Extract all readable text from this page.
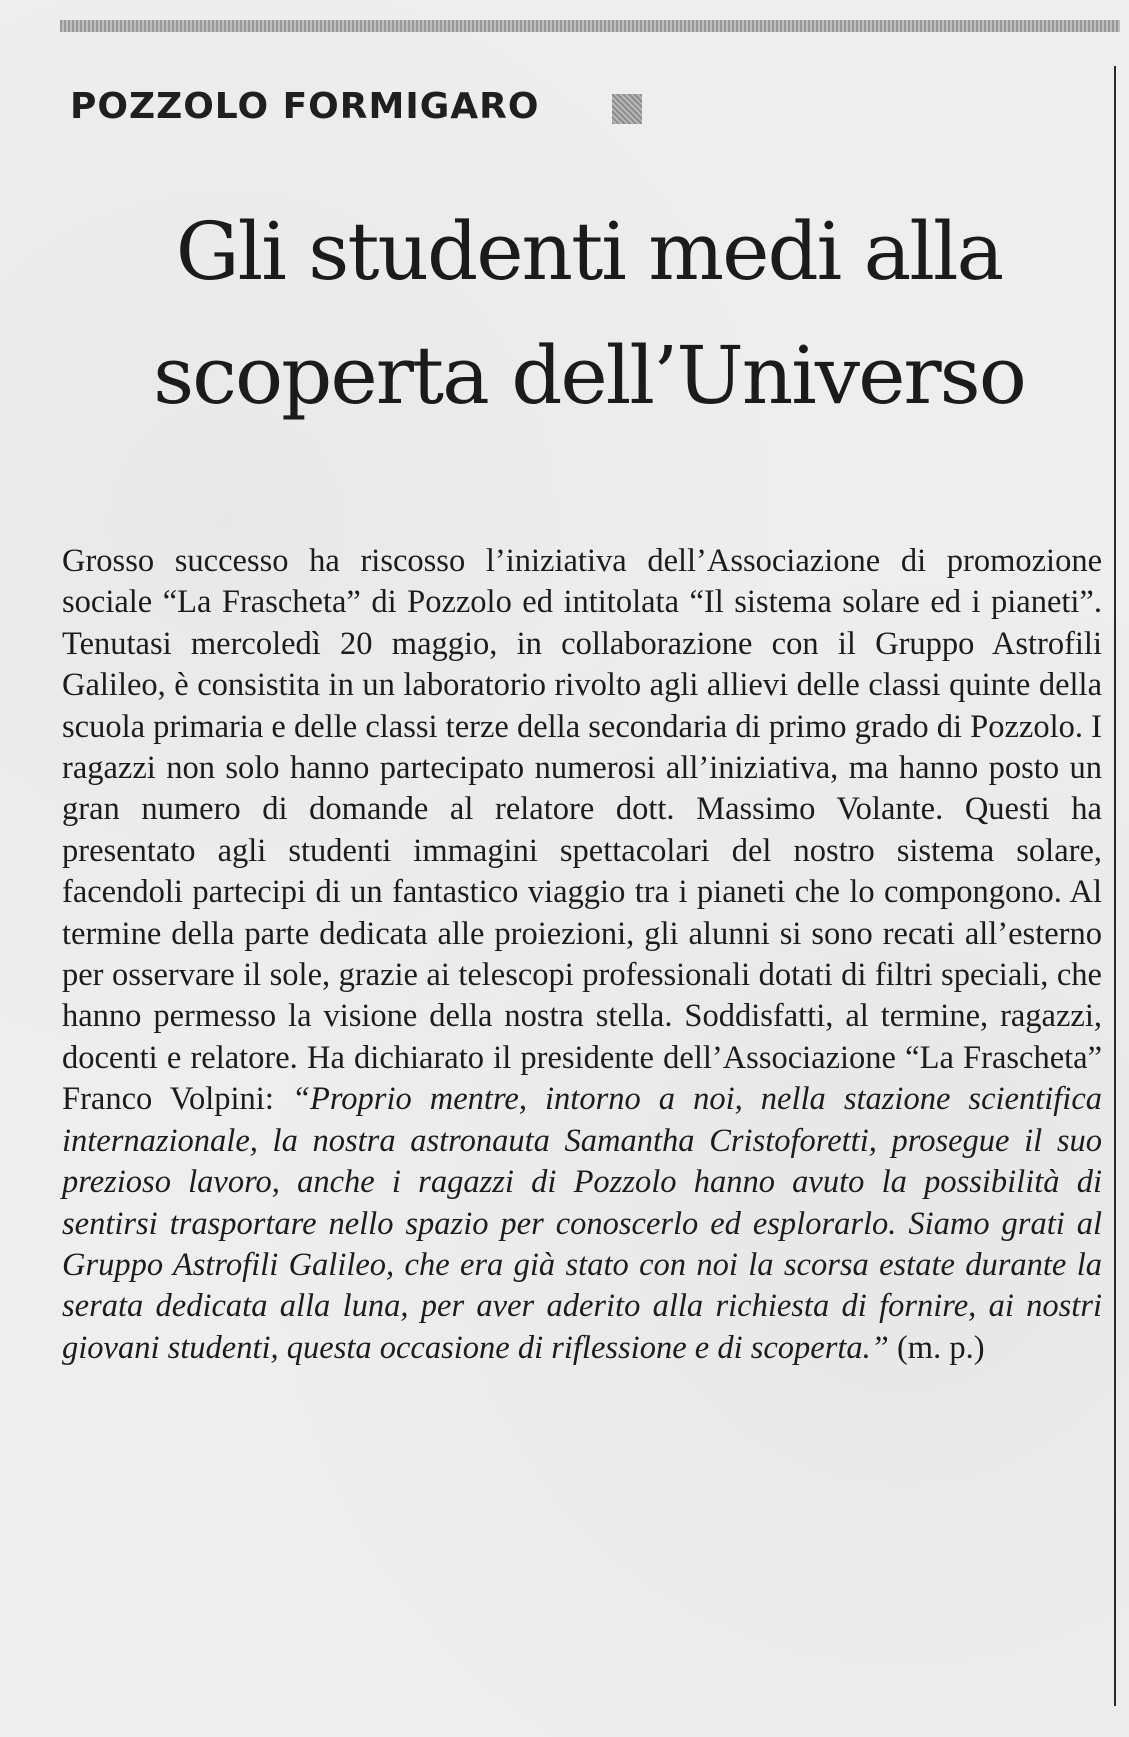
POZZOLO FORMIGARO
Gli studenti medi alla
scoperta dell’Universo

Grosso successo ha riscosso l’iniziativa dell’Associazione di promozione sociale “La Frascheta” di Pozzolo ed intitolata “Il sistema solare ed i pianeti”. Tenutasi mercoledì 20 maggio, in collaborazione con il Gruppo Astrofili Galileo, è consistita in un laboratorio rivolto agli allievi delle classi quinte della scuola primaria e delle classi terze della secondaria di primo grado di Pozzolo. I ragazzi non solo hanno partecipato numerosi all’iniziativa, ma hanno posto un gran numero di domande al relatore dott. Massimo Volante. Questi ha presentato agli studenti immagini spettacolari del nostro sistema solare, facendoli partecipi di un fantastico viaggio tra i pianeti che lo compongono. Al termine della parte dedicata alle proiezioni, gli alunni si sono recati all’esterno per osservare il sole, grazie ai telescopi professionali dotati di filtri speciali, che hanno permesso la visione della nostra stella. Soddisfatti, al termine, ragazzi, docenti e relatore. Ha dichiarato il presidente dell’Associazione “La Frascheta” Franco Volpini: “Proprio mentre, intorno a noi, nella stazione scientifica internazionale, la nostra astronauta Samantha Cristoforetti, prosegue il suo prezioso lavoro, anche i ragazzi di Pozzolo hanno avuto la possibilità di sentirsi trasportare nello spazio per conoscerlo ed esplorarlo. Siamo grati al Gruppo Astrofili Galileo, che era già stato con noi la scorsa estate durante la serata dedicata alla luna, per aver aderito alla richiesta di fornire, ai nostri giovani studenti, questa occasione di riflessione e di scoperta.” (m. p.)
